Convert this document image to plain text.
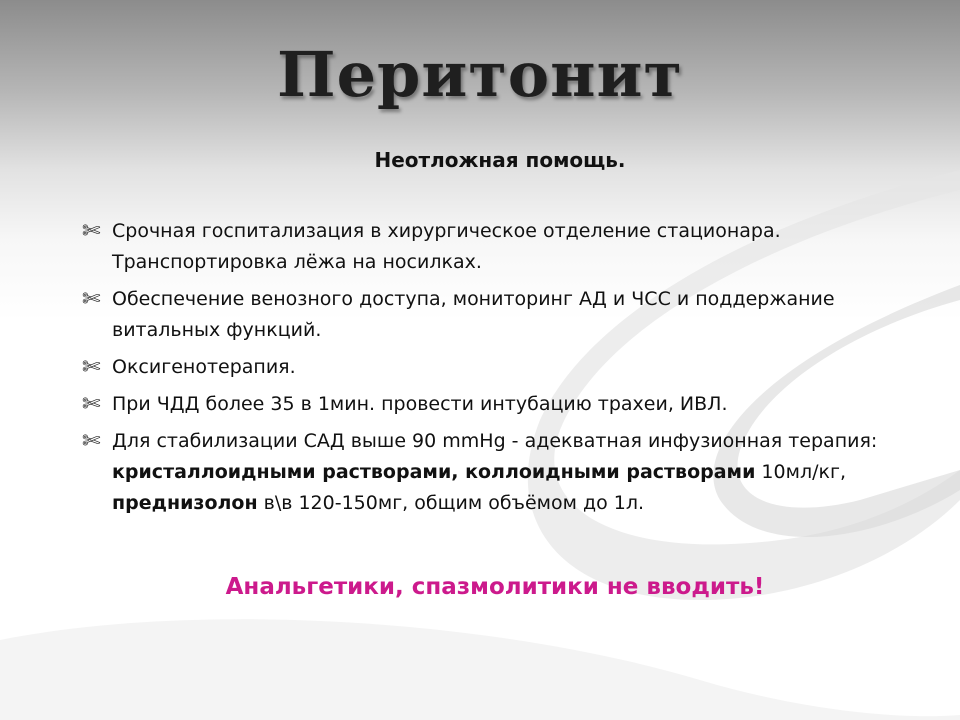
Перитонит
Неотложная помощь.
✄ Срочная госпитализация в хирургическое отделение стационара. Транспортировка лёжа на носилках.
✄ Обеспечение венозного доступа, мониторинг АД и ЧСС и поддержание витальных функций.
✄ Оксигенотерапия.
✄ При ЧДД более 35 в 1мин. провести интубацию трахеи, ИВЛ.
✄ Для стабилизации САД выше 90 mmHg - адекватная инфузионная терапия: кристаллоидными растворами, коллоидными растворами 10мл/кг, преднизолон в\в 120-150мг, общим объёмом до 1л.
Анальгетики, спазмолитики не вводить!
